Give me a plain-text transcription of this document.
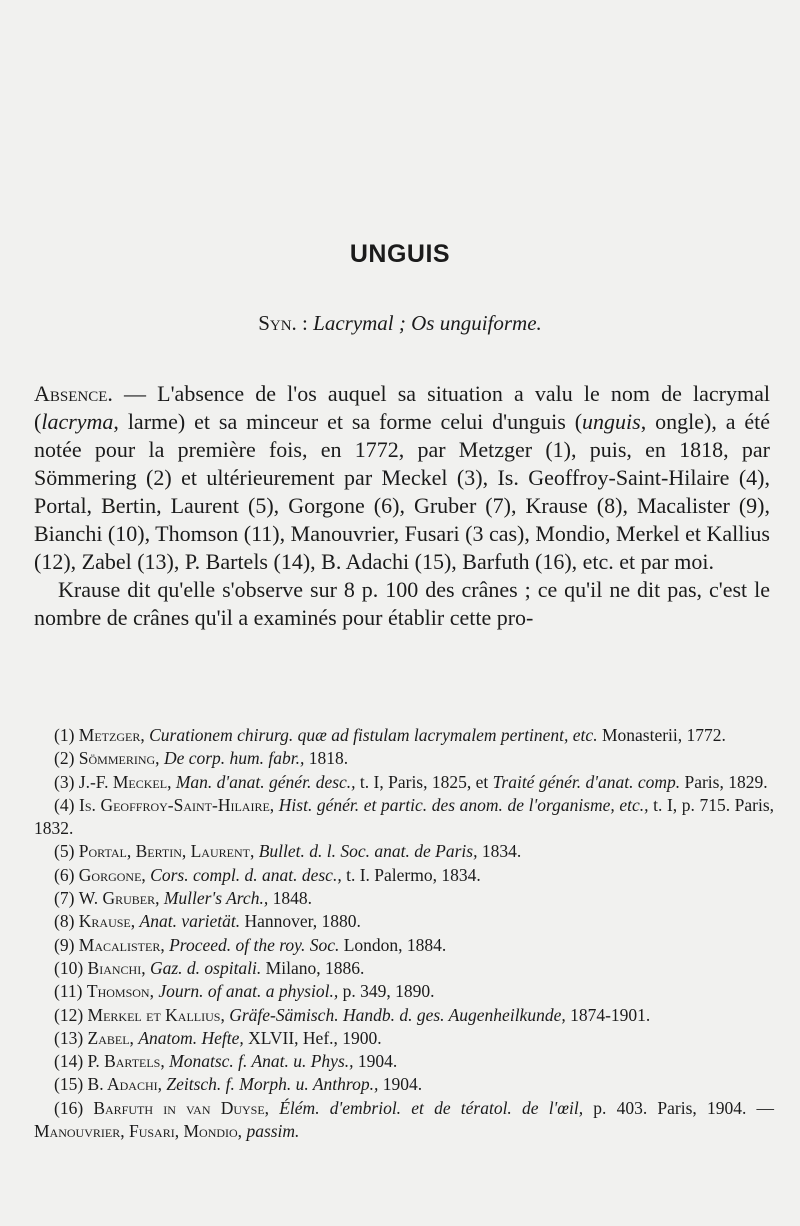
UNGUIS
Syn. : Lacrymal ; Os unguiforme.

Absence. — L'absence de l'os auquel sa situation a valu le nom de lacrymal (lacryma, larme) et sa minceur et sa forme celui d'unguis (unguis, ongle), a été notée pour la première fois, en 1772, par Metzger (1), puis, en 1818, par Sömmering (2) et ultérieurement par Meckel (3), Is. Geoffroy-Saint-Hilaire (4), Portal, Bertin, Laurent (5), Gorgone (6), Gruber (7), Krause (8), Macalister (9), Bianchi (10), Thomson (11), Manouvrier, Fusari (3 cas), Mondio, Merkel et Kallius (12), Zabel (13), P. Bartels (14), B. Adachi (15), Barfuth (16), etc. et par moi.

Krause dit qu'elle s'observe sur 8 p. 100 des crânes ; ce qu'il ne dit pas, c'est le nombre de crânes qu'il a examinés pour établir cette pro-

(1) Metzger, Curationem chirurg. quæ ad fistulam lacrymalem pertinent, etc. Monasterii, 1772.

(2) Sömmering, De corp. hum. fabr., 1818.

(3) J.-F. Meckel, Man. d'anat. génér. desc., t. I, Paris, 1825, et Traité génér. d'anat. comp. Paris, 1829.

(4) Is. Geoffroy-Saint-Hilaire, Hist. génér. et partic. des anom. de l'organisme, etc., t. I, p. 715. Paris, 1832.

(5) Portal, Bertin, Laurent, Bullet. d. l. Soc. anat. de Paris, 1834.

(6) Gorgone, Cors. compl. d. anat. desc., t. I. Palermo, 1834.

(7) W. Gruber, Muller's Arch., 1848.

(8) Krause, Anat. varietät. Hannover, 1880.

(9) Macalister, Proceed. of the roy. Soc. London, 1884.

(10) Bianchi, Gaz. d. ospitali. Milano, 1886.

(11) Thomson, Journ. of anat. a physiol., p. 349, 1890.

(12) Merkel et Kallius, Gräfe-Sämisch. Handb. d. ges. Augenheilkunde, 1874-1901.

(13) Zabel, Anatom. Hefte, XLVII, Hef., 1900.

(14) P. Bartels, Monatsc. f. Anat. u. Phys., 1904.

(15) B. Adachi, Zeitsch. f. Morph. u. Anthrop., 1904.

(16) Barfuth in van Duyse, Élém. d'embriol. et de tératol. de l'œil, p. 403. Paris, 1904. — Manouvrier, Fusari, Mondio, passim.
